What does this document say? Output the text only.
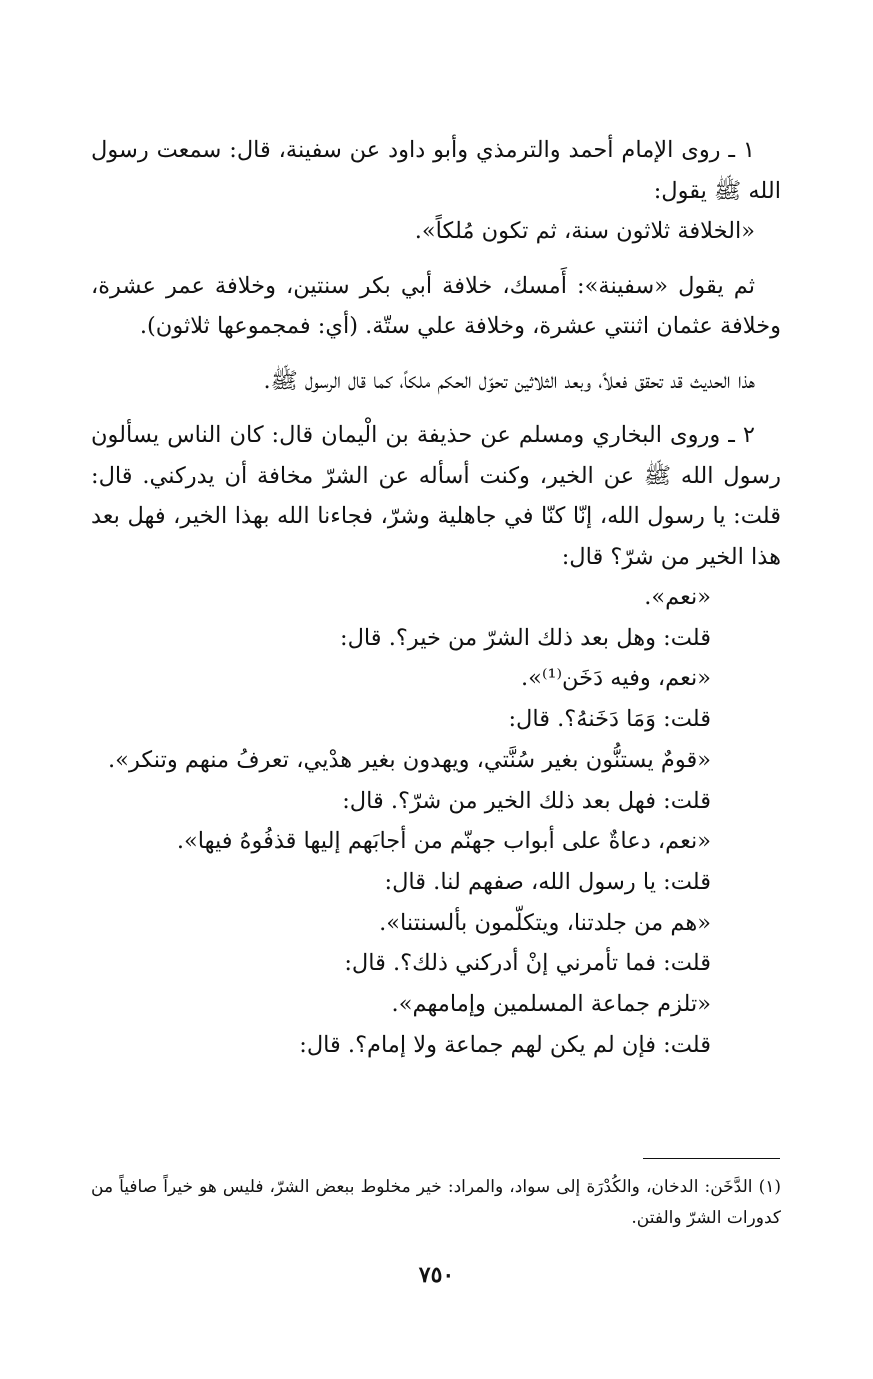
١ ـ روى الإمام أحمد والترمذي وأبو داود عن سفينة، قال: سمعت رسول الله ﷺ يقول:

«الخلافة ثلاثون سنة، ثم تكون مُلكاً».

ثم يقول «سفينة»: أَمسك، خلافة أبي بكر سنتين، وخلافة عمر عشرة، وخلافة عثمان اثنتي عشرة، وخلافة علي ستّة. (أي: فمجموعها ثلاثون).

هذا الحديث قد تحقق فعلاً، وبعد الثلاثين تحوّل الحكم ملكاً، كما قال الرسول ﷺ.

٢ ـ وروى البخاري ومسلم عن حذيفة بن الْيمان قال: كان الناس يسألون رسول الله ﷺ عن الخير، وكنت أسأله عن الشرّ مخافة أن يدركني. قال: قلت: يا رسول الله، إنّا كنّا في جاهلية وشرّ، فجاءنا الله بهذا الخير، فهل بعد هذا الخير من شرّ؟ قال:

«نعم».

قلت: وهل بعد ذلك الشرّ من خير؟. قال:

«نعم، وفيه دَخَن⁽¹⁾».

قلت: وَمَا دَخَنهُ؟. قال:

«قومٌ يستنُّون بغير سُنَّتي، ويهدون بغير هدْيي، تعرفُ منهم وتنكر».

قلت: فهل بعد ذلك الخير من شرّ؟. قال:

«نعم، دعاةٌ على أبواب جهنّم من أجابَهم إليها قذفُوهُ فيها».

قلت: يا رسول الله، صفهم لنا. قال:

«هم من جلدتنا، ويتكلّمون بألسنتنا».

قلت: فما تأمرني إنْ أدركني ذلك؟. قال:

«تلزم جماعة المسلمين وإمامهم».

قلت: فإن لم يكن لهم جماعة ولا إمام؟. قال:

(١) الدَّخَن: الدخان، والكُدْرَة إلى سواد، والمراد: خير مخلوط ببعض الشرّ، فليس هو خيراً صافياً من كدورات الشرّ والفتن.

٧٥٠
